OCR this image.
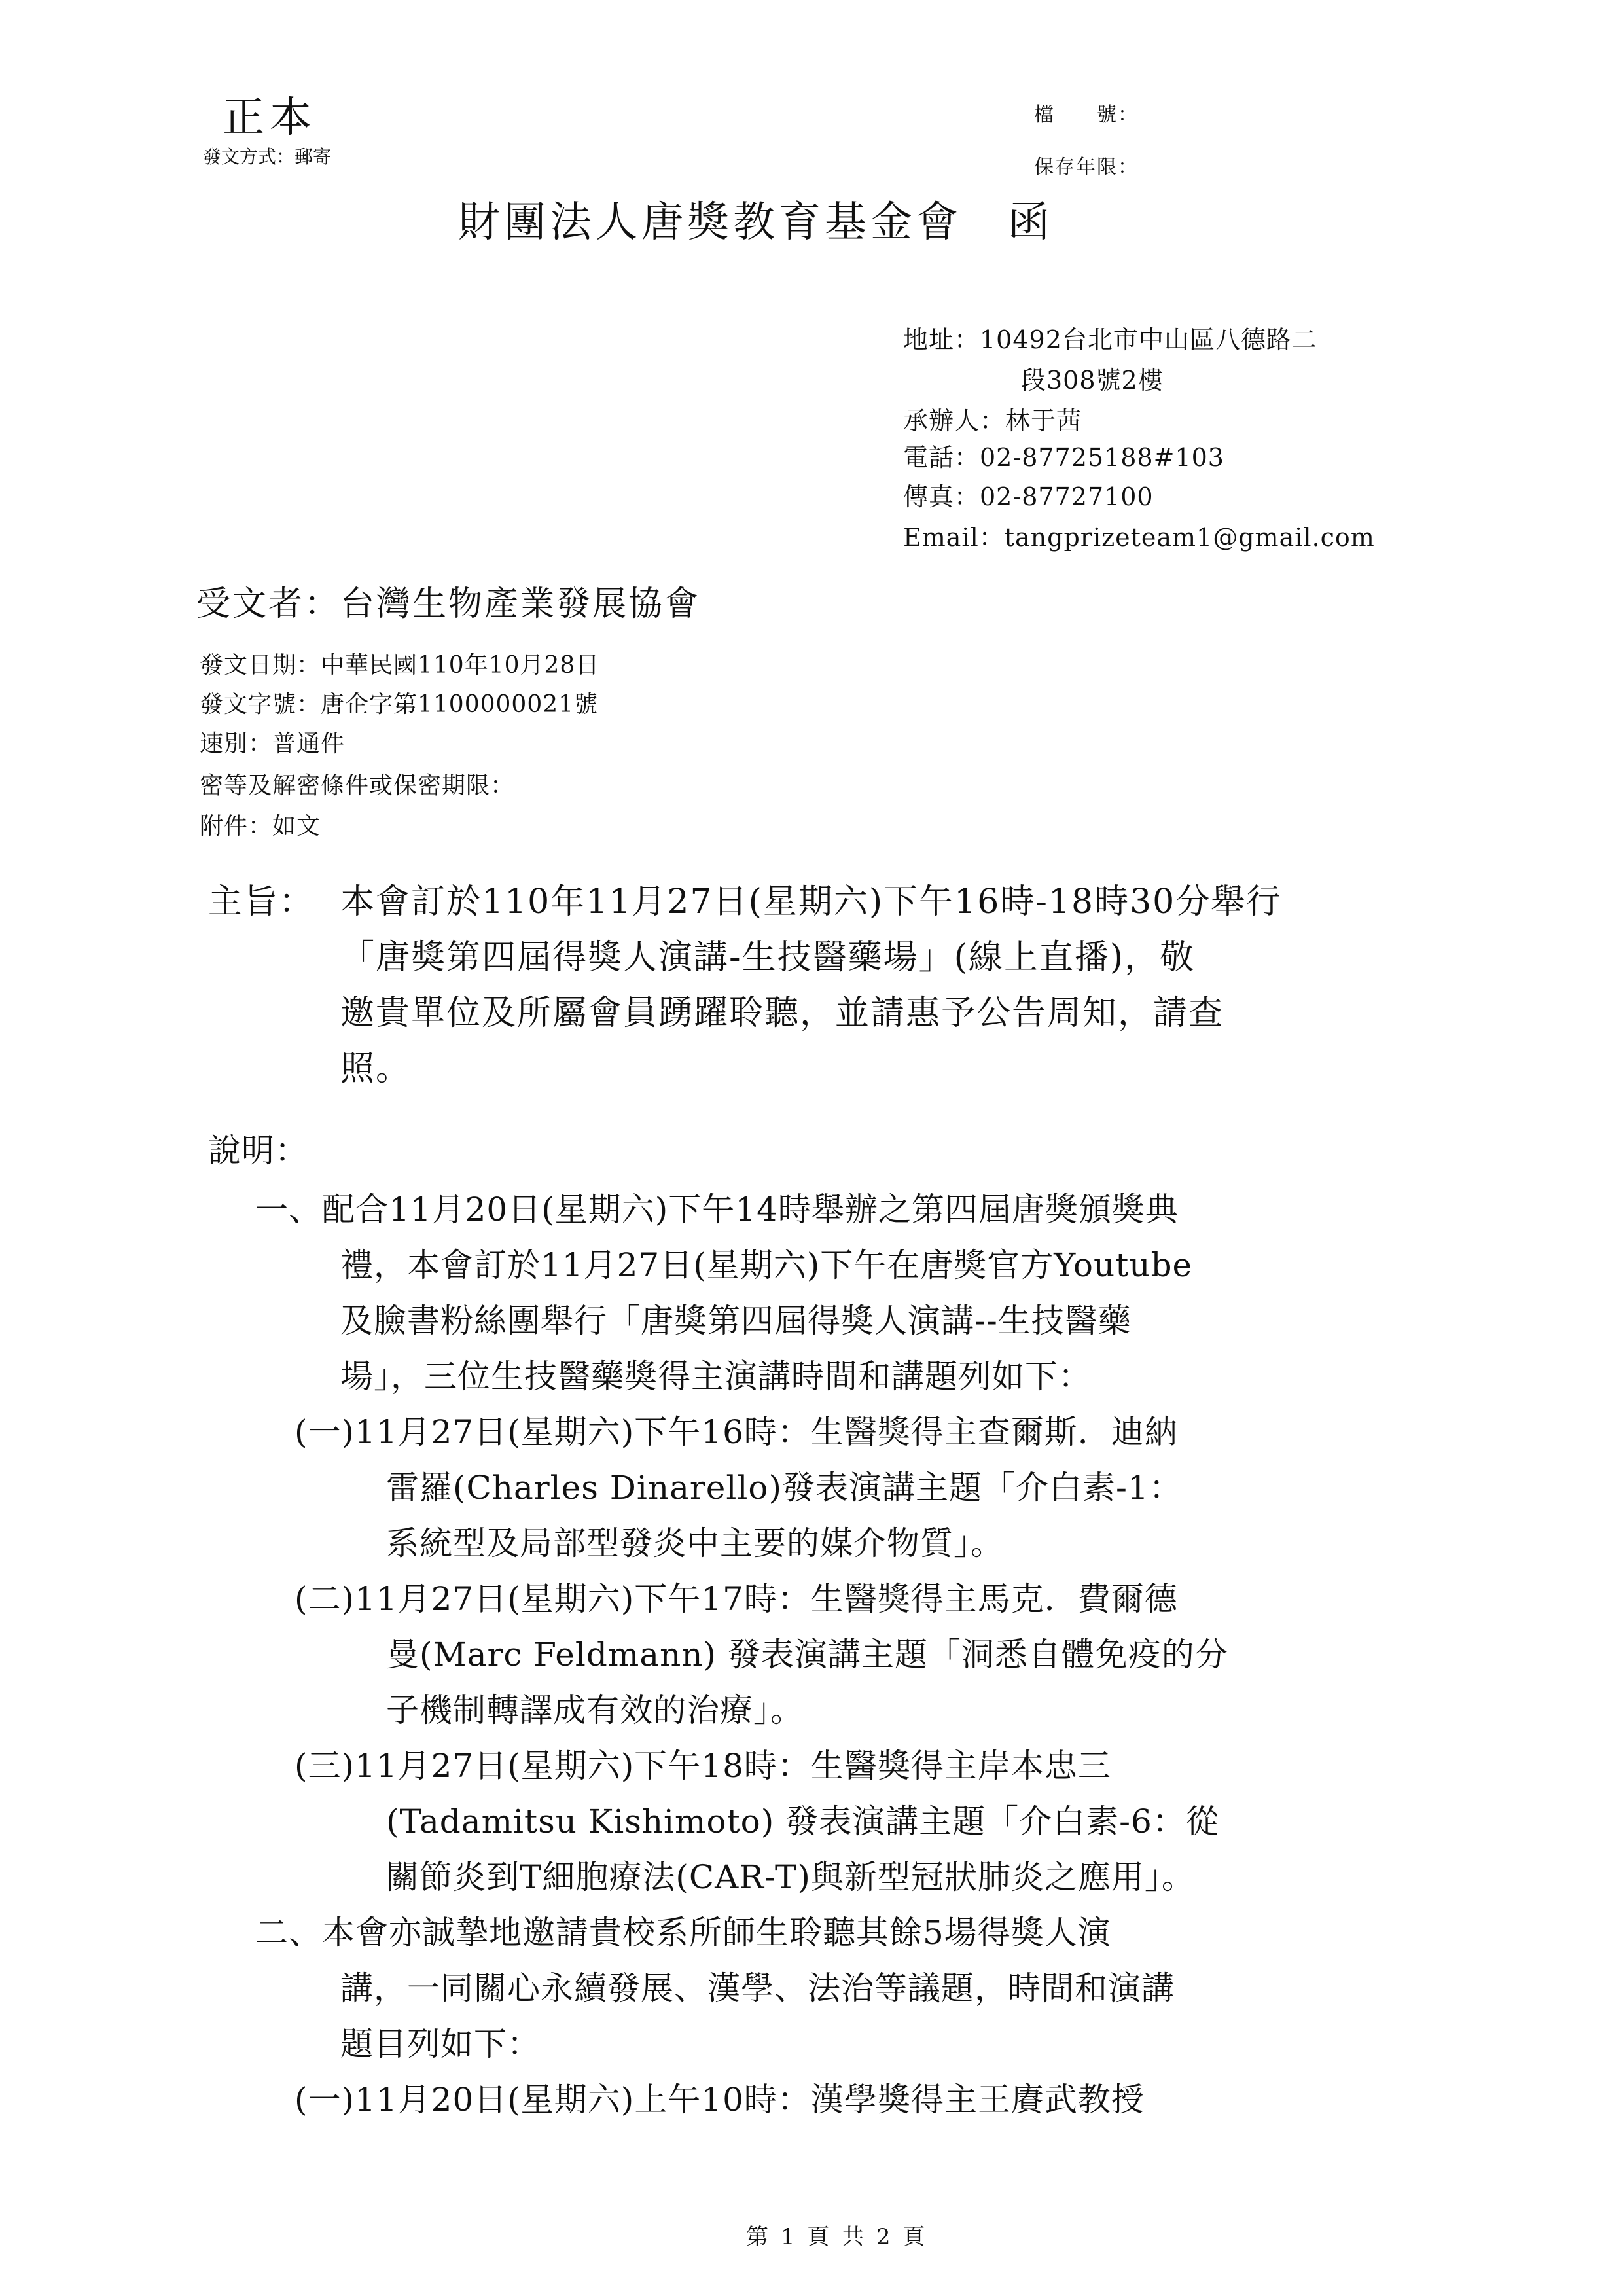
正本
發文方式：郵寄
檔　　號：
保存年限：
財團法人唐獎教育基金會　函
地址：10492台北市中山區八德路二
段308號2樓
承辦人：林于茜
電話：02-87725188#103
傳真：02-87727100
Email：tangprizeteam1@gmail.com
受文者：台灣生物產業發展協會
發文日期：中華民國110年10月28日
發文字號：唐企字第1100000021號
速別：普通件
密等及解密條件或保密期限：
附件：如文
主旨： 本會訂於110年11月27日(星期六)下午16時-18時30分舉行
「唐獎第四屆得獎人演講-生技醫藥場」(線上直播)，敬
邀貴單位及所屬會員踴躍聆聽，並請惠予公告周知，請查
照。
說明：
一、配合11月20日(星期六)下午14時舉辦之第四屆唐獎頒獎典
禮，本會訂於11月27日(星期六)下午在唐獎官方Youtube
及臉書粉絲團舉行「唐獎第四屆得獎人演講--生技醫藥
場」，三位生技醫藥獎得主演講時間和講題列如下：
(一)11月27日(星期六)下午16時：生醫獎得主查爾斯．迪納
雷羅(Charles Dinarello)發表演講主題「介白素-1：
系統型及局部型發炎中主要的媒介物質」。
(二)11月27日(星期六)下午17時：生醫獎得主馬克．費爾德
曼(Marc Feldmann) 發表演講主題「洞悉自體免疫的分
子機制轉譯成有效的治療」。
(三)11月27日(星期六)下午18時：生醫獎得主岸本忠三
(Tadamitsu Kishimoto) 發表演講主題「介白素-6：從
關節炎到T細胞療法(CAR-T)與新型冠狀肺炎之應用」。
二、本會亦誠摯地邀請貴校系所師生聆聽其餘5場得獎人演
講，一同關心永續發展、漢學、法治等議題，時間和演講
題目列如下：
(一)11月20日(星期六)上午10時：漢學獎得主王賡武教授
第 1 頁 共 2 頁
